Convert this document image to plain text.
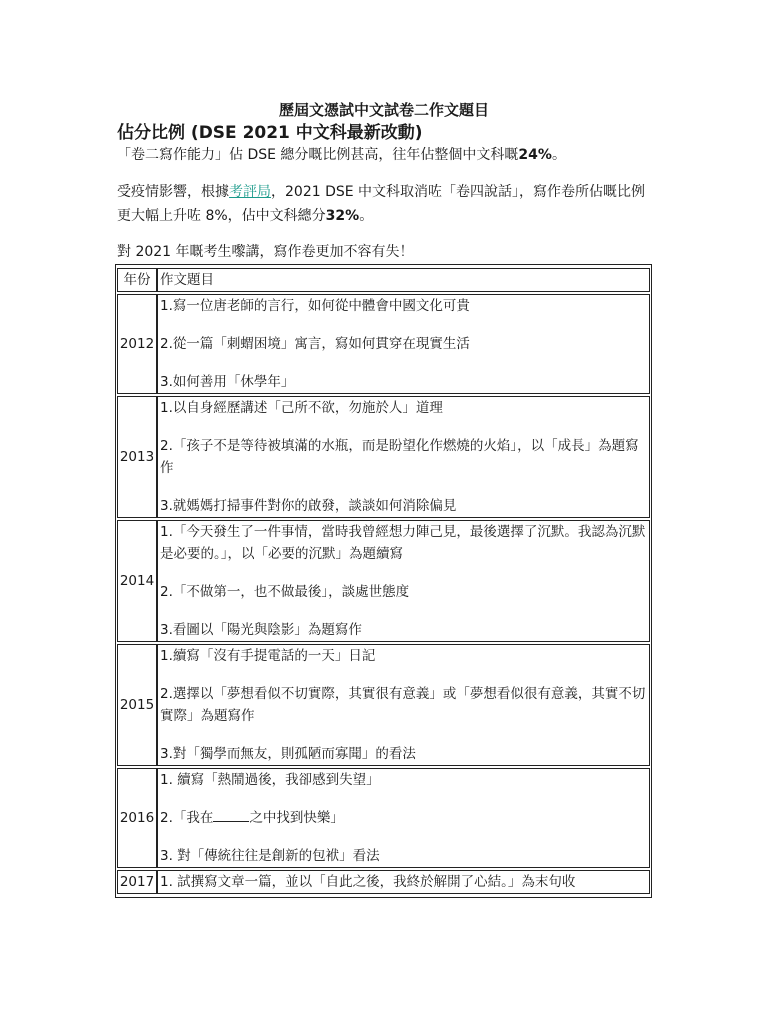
歷屆文憑試中文試卷二作文題目
佔分比例 (DSE 2021 中文科最新改動)
「卷二寫作能力」佔 DSE 總分嘅比例甚高，往年佔整個中文科嘅24%。
受疫情影響，根據考評局，2021 DSE 中文科取消咗「卷四說話」，寫作卷所佔嘅比例更大幅上升咗 8%，佔中文科總分32%。
對 2021 年嘅考生嚟講，寫作卷更加不容有失！
年份	作文題目
2012	1.寫一位唐老師的言行，如何從中體會中國文化可貴
2.從一篇「刺蝟困境」寓言，寫如何貫穿在現實生活
3.如何善用「休學年」

2013	1.以自身經歷講述「己所不欲，勿施於人」道理
2.「孩子不是等待被填滿的水瓶，而是盼望化作燃燒的火焰」，以「成長」為題寫作
3.就媽媽打掃事件對你的啟發，談談如何消除偏見

2014	1.「今天發生了一件事情，當時我曾經想力陣己見，最後選擇了沉默。我認為沉默是必要的。」，以「必要的沉默」為題續寫
2.「不做第一，也不做最後」，談處世態度
3.看圖以「陽光與陰影」為題寫作

2015	1.續寫「沒有手提電話的一天」日記
2.選擇以「夢想看似不切實際，其實很有意義」或「夢想看似很有意義，其實不切實際」為題寫作
3.對「獨學而無友，則孤陋而寡聞」的看法

2016	1. 續寫「熱鬧過後，我卻感到失望」
2.「我在 之中找到快樂」
3. 對「傳統往往是創新的包袱」看法

2017	1. 試撰寫文章一篇，並以「自此之後，我終於解開了心結。」為末句收
